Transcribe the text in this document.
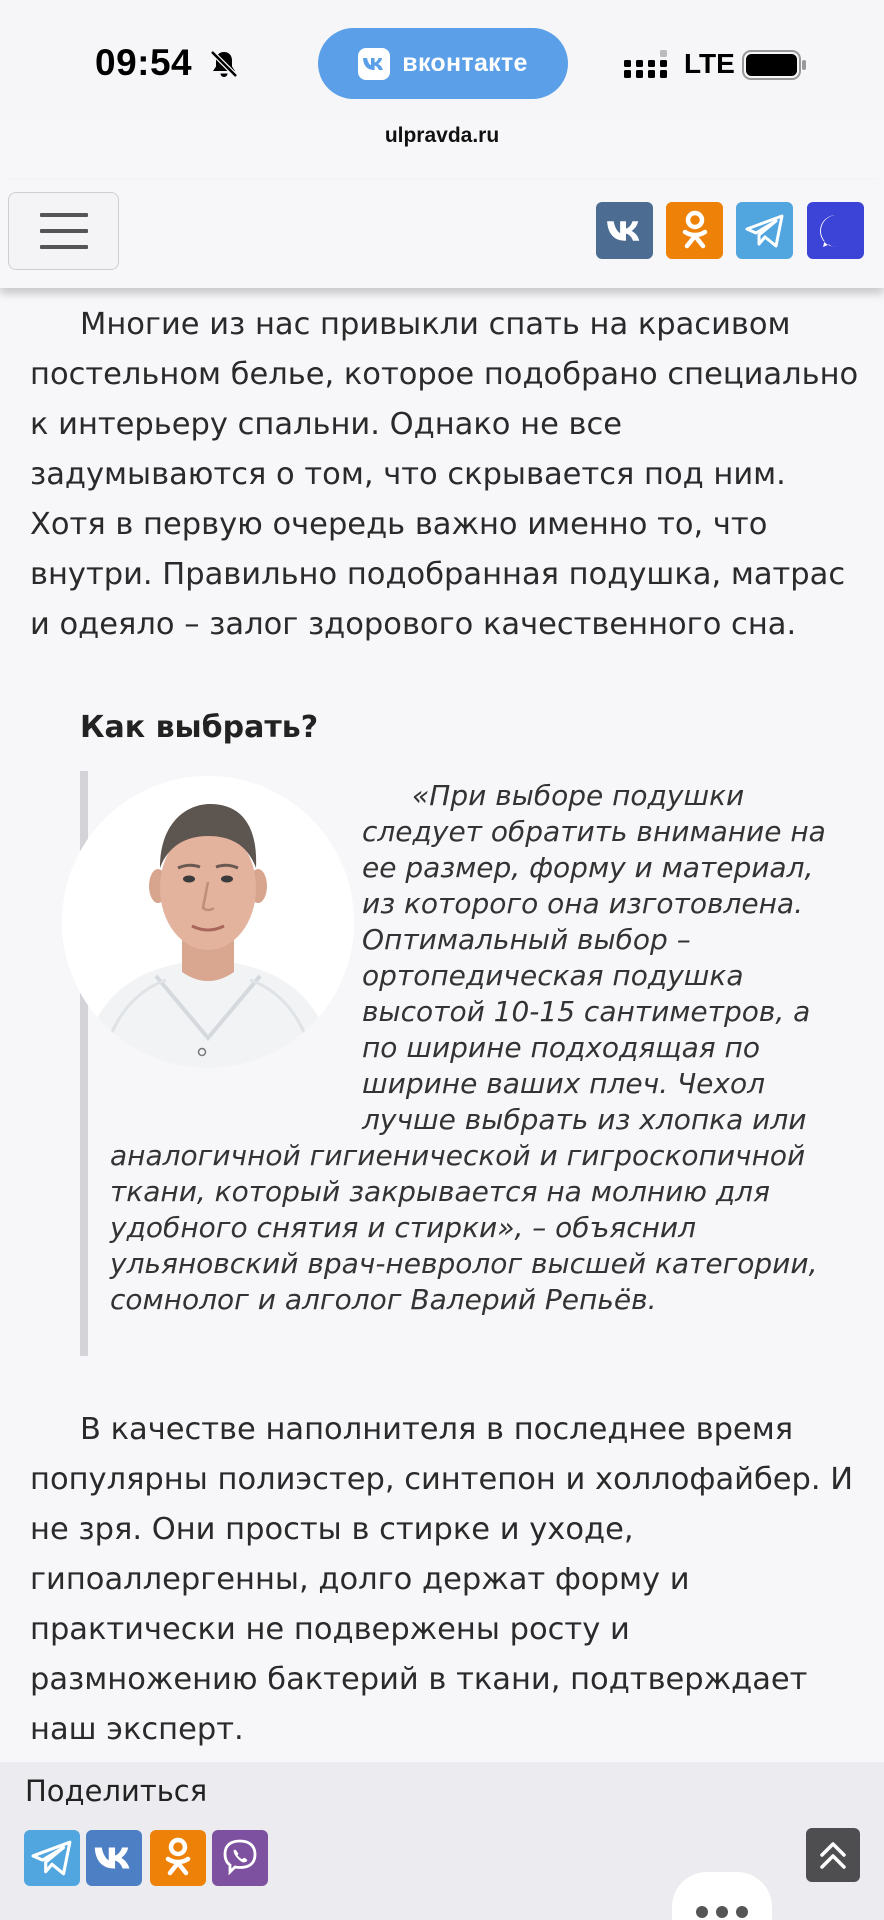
09:54	вконтакте	LTE
ulpravda.ru

Многие из нас привыкли спать на красивом постельном белье, которое подобрано специально к интерьеру спальни. Однако не все задумываются о том, что скрывается под ним. Хотя в первую очередь важно именно то, что внутри. Правильно подобранная подушка, матрас и одеяло – залог здорового качественного сна.

Как выбрать?
«При выборе подушки следует обратить внимание на ее размер, форму и материал, из которого она изготовлена. Оптимальный выбор – ортопедическая подушка высотой 10-15 сантиметров, а по ширине подходящая по ширине ваших плеч. Чехол лучше выбрать из хлопка или аналогичной гигиенической и гигроскопичной ткани, который закрывается на молнию для удобного снятия и стирки», – объяснил ульяновский врач-невролог высшей категории, сомнолог и алголог Валерий Репьёв.

В качестве наполнителя в последнее время популярны полиэстер, синтепон и холлофайбер. И не зря. Они просты в стирке и уходе, гипоаллергенны, долго держат форму и практически не подвержены росту и размножению бактерий в ткани, подтверждает наш эксперт.

Поделиться
